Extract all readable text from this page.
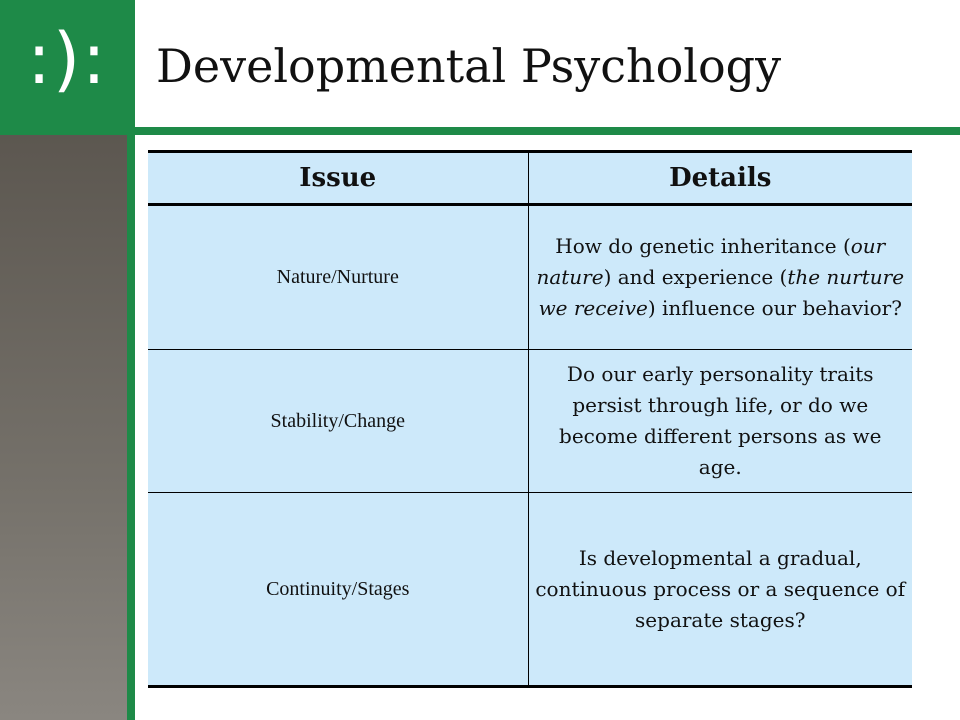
:):	Developmental Psychology
Issue	Details
Nature/Nurture	How do genetic inheritance (our nature) and experience (the nurture we receive) influence our behavior?
Stability/Change	Do our early personality traits persist through life, or do we become different persons as we age.
Continuity/Stages	Is developmental a gradual, continuous process or a sequence of separate stages?
